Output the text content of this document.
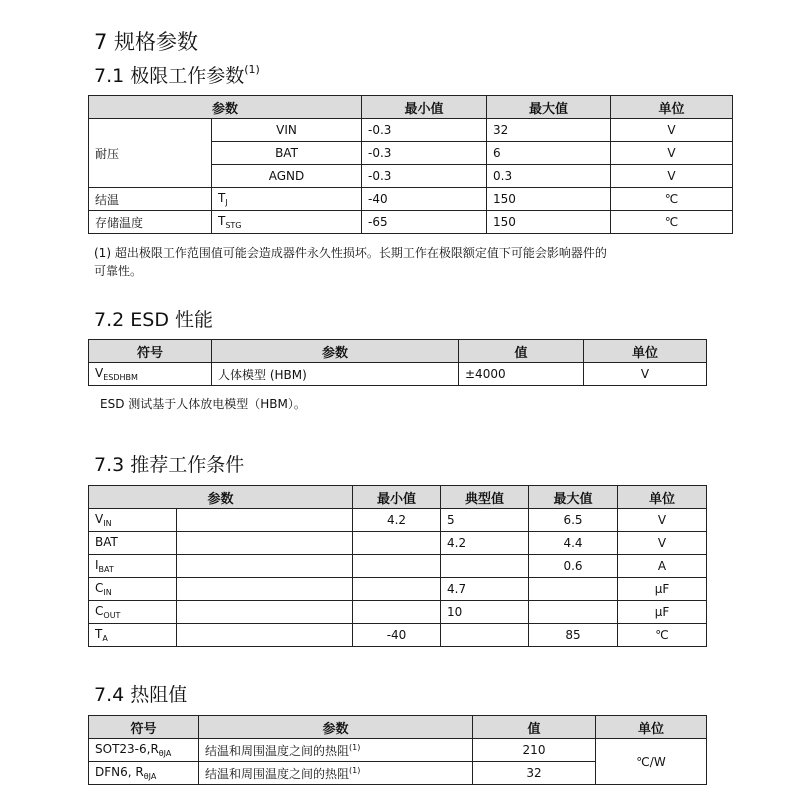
7 规格参数
7.1 极限工作参数$^{(1)}$
参数		最小值	最大值	单位
耐压	VIN	-0.3	32	V
	BAT	-0.3	6	V
	AGND	-0.3	0.3	V
结温	$T_J$	-40	150	℃
存储温度	$T_{STG}$	-65	150	℃
(1) 超出极限工作范围值可能会造成器件永久性损坏。长期工作在极限额定值下可能会影响器件的
可靠性。
7.2 ESD 性能
符号	参数	值	单位
$V_{ESDHBM}$	人体模型 (HBM)	±4000	V
ESD 测试基于人体放电模型（HBM）。
7.3 推荐工作条件
参数		最小值	典型值	最大值	单位
$V_{IN}$		4.2	5	6.5	V
BAT			4.2	4.4	V
$I_{BAT}$				0.6	A
$C_{IN}$			4.7		μF
$C_{OUT}$			10		μF
$T_A$		-40		85	℃
7.4 热阻值
符号	参数	值	单位
$SOT23-6,R_{\theta JA}$	结温和周围温度之间的热阻$^{(1)}$	210	℃/W
DFN6, $R_{\theta JA}$	结温和周围温度之间的热阻$^{(1)}$	32	
